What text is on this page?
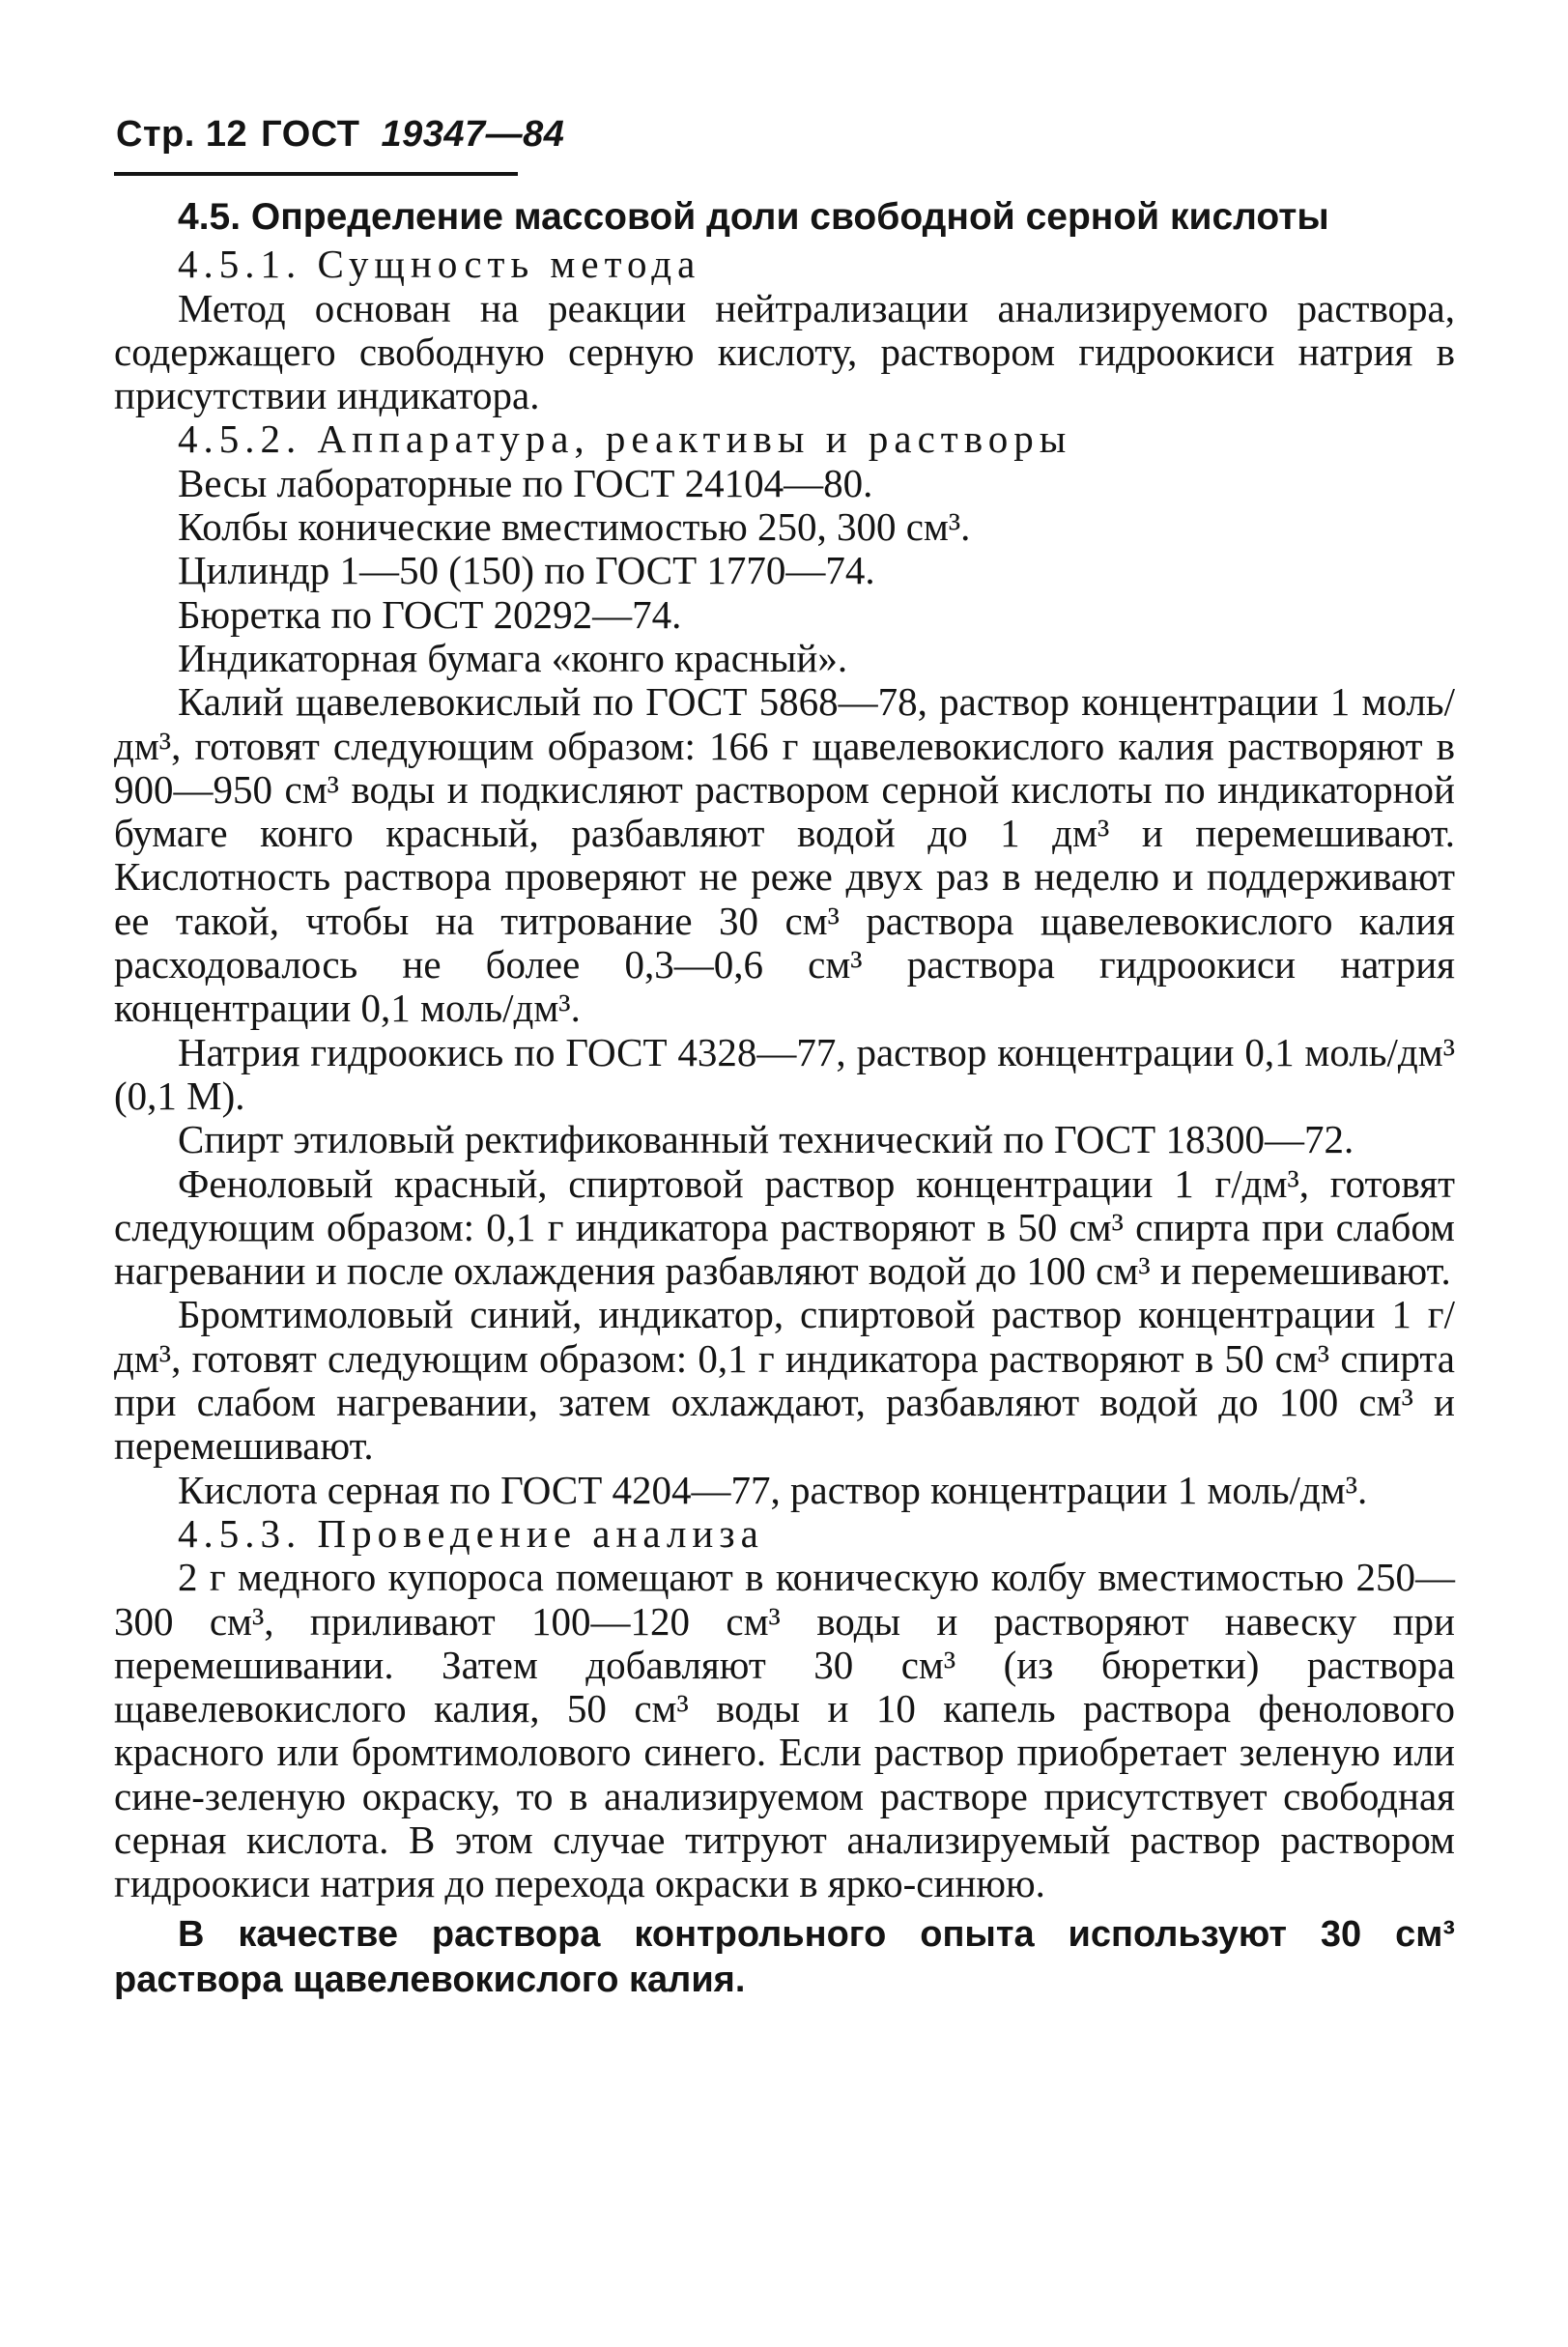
Стр. 12 ГОСТ 19347—84

4.5. Определение массовой доли свободной серной кислоты

4.5.1. Сущность метода

Метод основан на реакции нейтрализации анализируемого раствора, содержащего свободную серную кислоту, раствором гидроокиси натрия в присутствии индикатора.

4.5.2. Аппаратура, реактивы и растворы

Весы лабораторные по ГОСТ 24104—80.

Колбы конические вместимостью 250, 300 см³.

Цилиндр 1—50 (150) по ГОСТ 1770—74.

Бюретка по ГОСТ 20292—74.

Индикаторная бумага «конго красный».

Калий щавелевокислый по ГОСТ 5868—78, раствор концентрации 1 моль/дм³, готовят следующим образом: 166 г щавелевокислого калия растворяют в 900—950 см³ воды и подкисляют раствором серной кислоты по индикаторной бумаге конго красный, разбавляют водой до 1 дм³ и перемешивают. Кислотность раствора проверяют не реже двух раз в неделю и поддерживают ее такой, чтобы на титрование 30 см³ раствора щавелевокислого калия расходовалось не более 0,3—0,6 см³ раствора гидроокиси натрия концентрации 0,1 моль/дм³.

Натрия гидроокись по ГОСТ 4328—77, раствор концентрации 0,1 моль/дм³ (0,1 М).

Спирт этиловый ректификованный технический по ГОСТ 18300—72.

Феноловый красный, спиртовой раствор концентрации 1 г/дм³, готовят следующим образом: 0,1 г индикатора растворяют в 50 см³ спирта при слабом нагревании и после охлаждения разбавляют водой до 100 см³ и перемешивают.

Бромтимоловый синий, индикатор, спиртовой раствор концентрации 1 г/дм³, готовят следующим образом: 0,1 г индикатора растворяют в 50 см³ спирта при слабом нагревании, затем охлаждают, разбавляют водой до 100 см³ и перемешивают.

Кислота серная по ГОСТ 4204—77, раствор концентрации 1 моль/дм³.

4.5.3. Проведение анализа

2 г медного купороса помещают в коническую колбу вместимостью 250—300 см³, приливают 100—120 см³ воды и растворяют навеску при перемешивании. Затем добавляют 30 см³ (из бюретки) раствора щавелевокислого калия, 50 см³ воды и 10 капель раствора фенолового красного или бромтимолового синего. Если раствор приобретает зеленую или сине-зеленую окраску, то в анализируемом растворе присутствует свободная серная кислота. В этом случае титруют анализируемый раствор раствором гидроокиси натрия до перехода окраски в ярко-синюю.

В качестве раствора контрольного опыта используют 30 см³ раствора щавелевокислого калия.
